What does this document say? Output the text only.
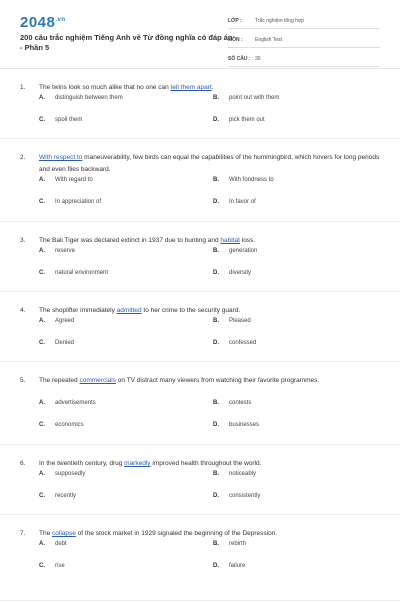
$2048^{.vn}$
200 câu trắc nghiệm Tiếng Anh về Từ đồng nghĩa có đáp án - Phần 5
LỚP :	Trắc nghiệm tổng hợp
MÔN :	English Test
SỐ CÂU : 30
1.	The twins look so much alike that no one can tell them apart.
A.	distinguish between them	B.	point out with them
C.	spoil them	D.	pick them out
2.	With respect to maneuverability, few birds can equal the capabilities of the hummingbird, which hovers for long periods and even flies backward.
A.	With regard to	B.	With fondness to
C.	In appreciation of	D.	In favor of
3.	The Bali Tiger was declared extinct in 1937 due to hunting and habitat loss.
A.	reserve	B.	generation
C.	natural environment	D.	diversity
4.	The shoplifter immediately admitted to her crime to the security guard.
A.	Agreed	B.	Pleased
C.	Denied	D.	confessed
5.	The repeated commercials on TV distract many viewers from watching their favorite programmes.
A.	advertisements	B.	contests
C.	economics	D.	businesses
6.	In the twentieth century, drug markedly improved health throughout the world.
A.	supposedly	B.	noticeably
C.	recently	D.	consistently
7.	The collapse of the stock market in 1929 signaled the beginning of the Depression.
A.	debt	B.	rebirth
C.	rise	D.	failure
